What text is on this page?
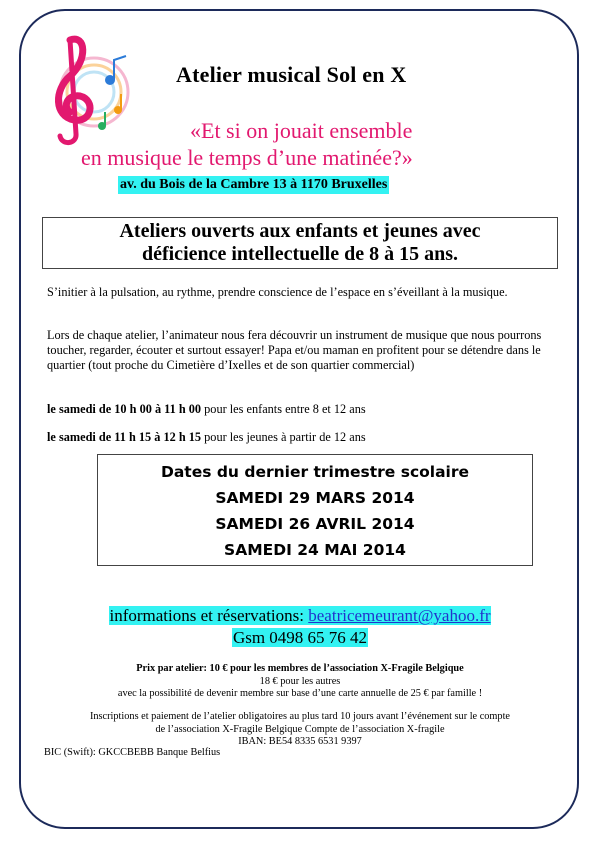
Atelier musical Sol en X
«Et si on jouait ensemble
en musique le temps d’une matinée?»
av. du Bois de la Cambre 13 à 1170 Bruxelles
Ateliers ouverts aux enfants et jeunes avec
déficience intellectuelle de 8 à 15 ans.
S’initier à la pulsation, au rythme, prendre conscience de l’espace en s’éveillant à la musique.
Lors de chaque atelier, l’animateur nous fera découvrir un instrument de musique que nous pourrons toucher, regarder, écouter et surtout essayer! Papa et/ou maman en profitent pour se détendre dans le quartier (tout proche du Cimetière d’Ixelles et de son quartier commercial)
le samedi de 10 h 00 à 11 h 00 pour les enfants entre 8 et 12 ans
le samedi de 11 h 15 à 12 h 15 pour les jeunes à partir de 12 ans
Dates du dernier trimestre scolaire
SAMEDI 29 MARS 2014
SAMEDI 26 AVRIL 2014
SAMEDI 24 MAI 2014
informations et réservations: beatricemeurant@yahoo.fr
Gsm 0498 65 76 42
Prix par atelier: 10 € pour les membres de l’association X-Fragile Belgique
18 € pour les autres
avec la possibilité de devenir membre sur base d’une carte annuelle de 25 € par famille !
Inscriptions et paiement de l’atelier obligatoires au plus tard 10 jours avant l’événement sur le compte
de l’association X-Fragile Belgique Compte de l’association X-fragile
IBAN: BE54 8335 6531 9397
BIC (Swift): GKCCBEBB Banque Belfius
